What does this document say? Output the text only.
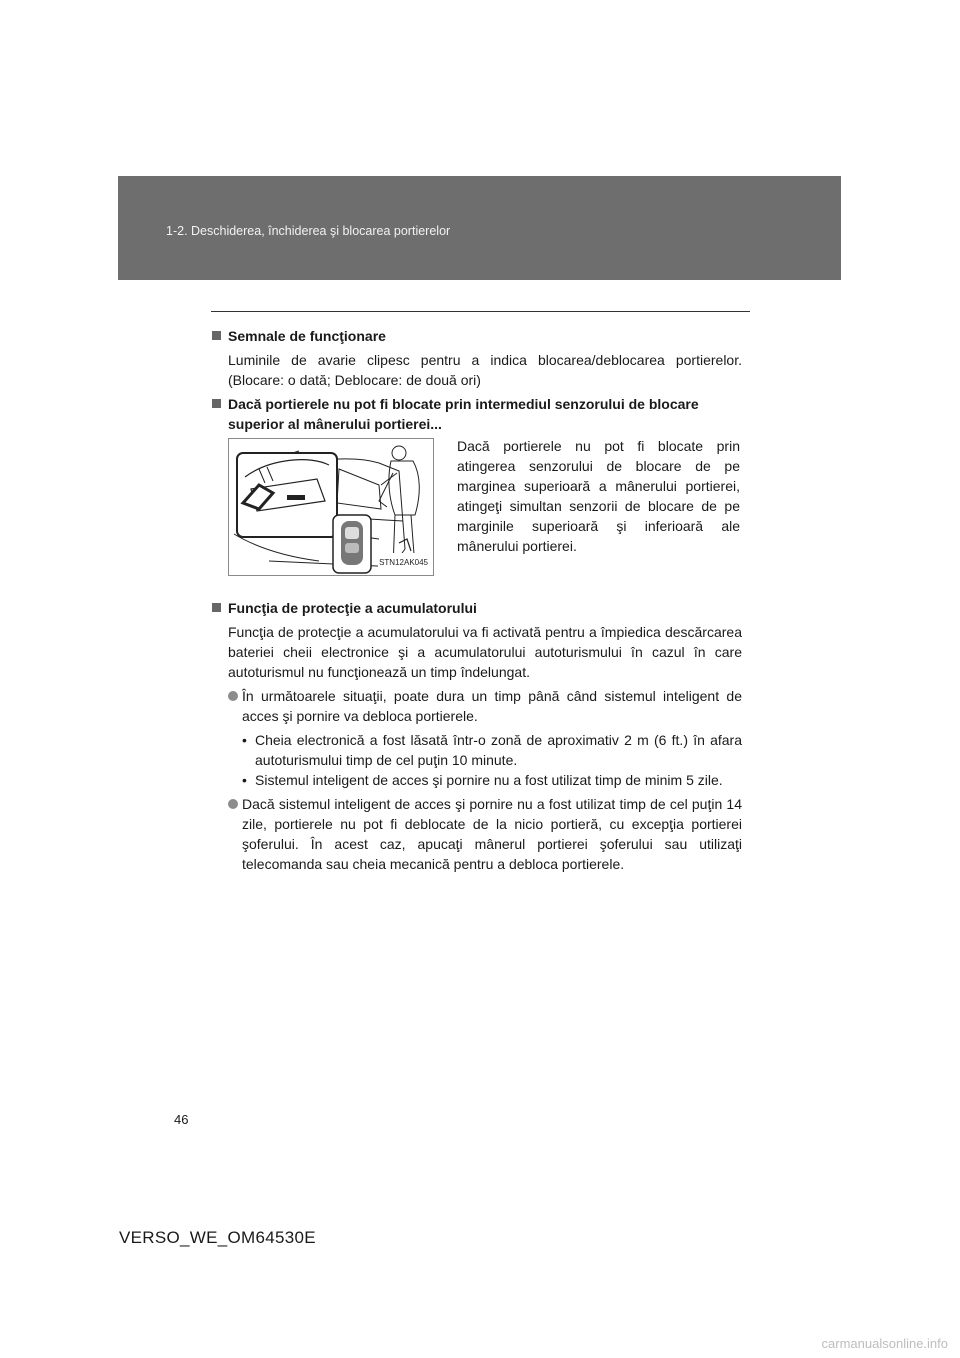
1-2. Deschiderea, închiderea şi blocarea portierelor
Semnale de funcţionare
Luminile de avarie clipesc pentru a indica blocarea/deblocarea portierelor. (Blocare: o dată; Deblocare: de două ori)
Dacă portierele nu pot fi blocate prin intermediul senzorului de blocare superior al mânerului portierei...
STN12AK045
Dacă portierele nu pot fi blocate prin atingerea senzorului de blocare de pe marginea superioară a mânerului portierei, atingeţi simultan senzorii de blocare de pe marginile superioară şi inferioară ale mânerului portierei.
Funcţia de protecţie a acumulatorului
Funcţia de protecţie a acumulatorului va fi activată pentru a împiedica descărcarea bateriei cheii electronice şi a acumulatorului autoturismului în cazul în care autoturismul nu funcţionează un timp îndelungat.
În următoarele situaţii, poate dura un timp până când sistemul inteligent de acces şi pornire va debloca portierele.
• Cheia electronică a fost lăsată într-o zonă de aproximativ 2 m (6 ft.) în afara autoturismului timp de cel puţin 10 minute.
• Sistemul inteligent de acces şi pornire nu a fost utilizat timp de minim 5 zile.
Dacă sistemul inteligent de acces şi pornire nu a fost utilizat timp de cel puţin 14 zile, portierele nu pot fi deblocate de la nicio portieră, cu excepţia portierei şoferului. În acest caz, apucaţi mânerul portierei şoferului sau utilizaţi telecomanda sau cheia mecanică pentru a debloca portierele.
46
VERSO_WE_OM64530E
carmanualsonline.info
